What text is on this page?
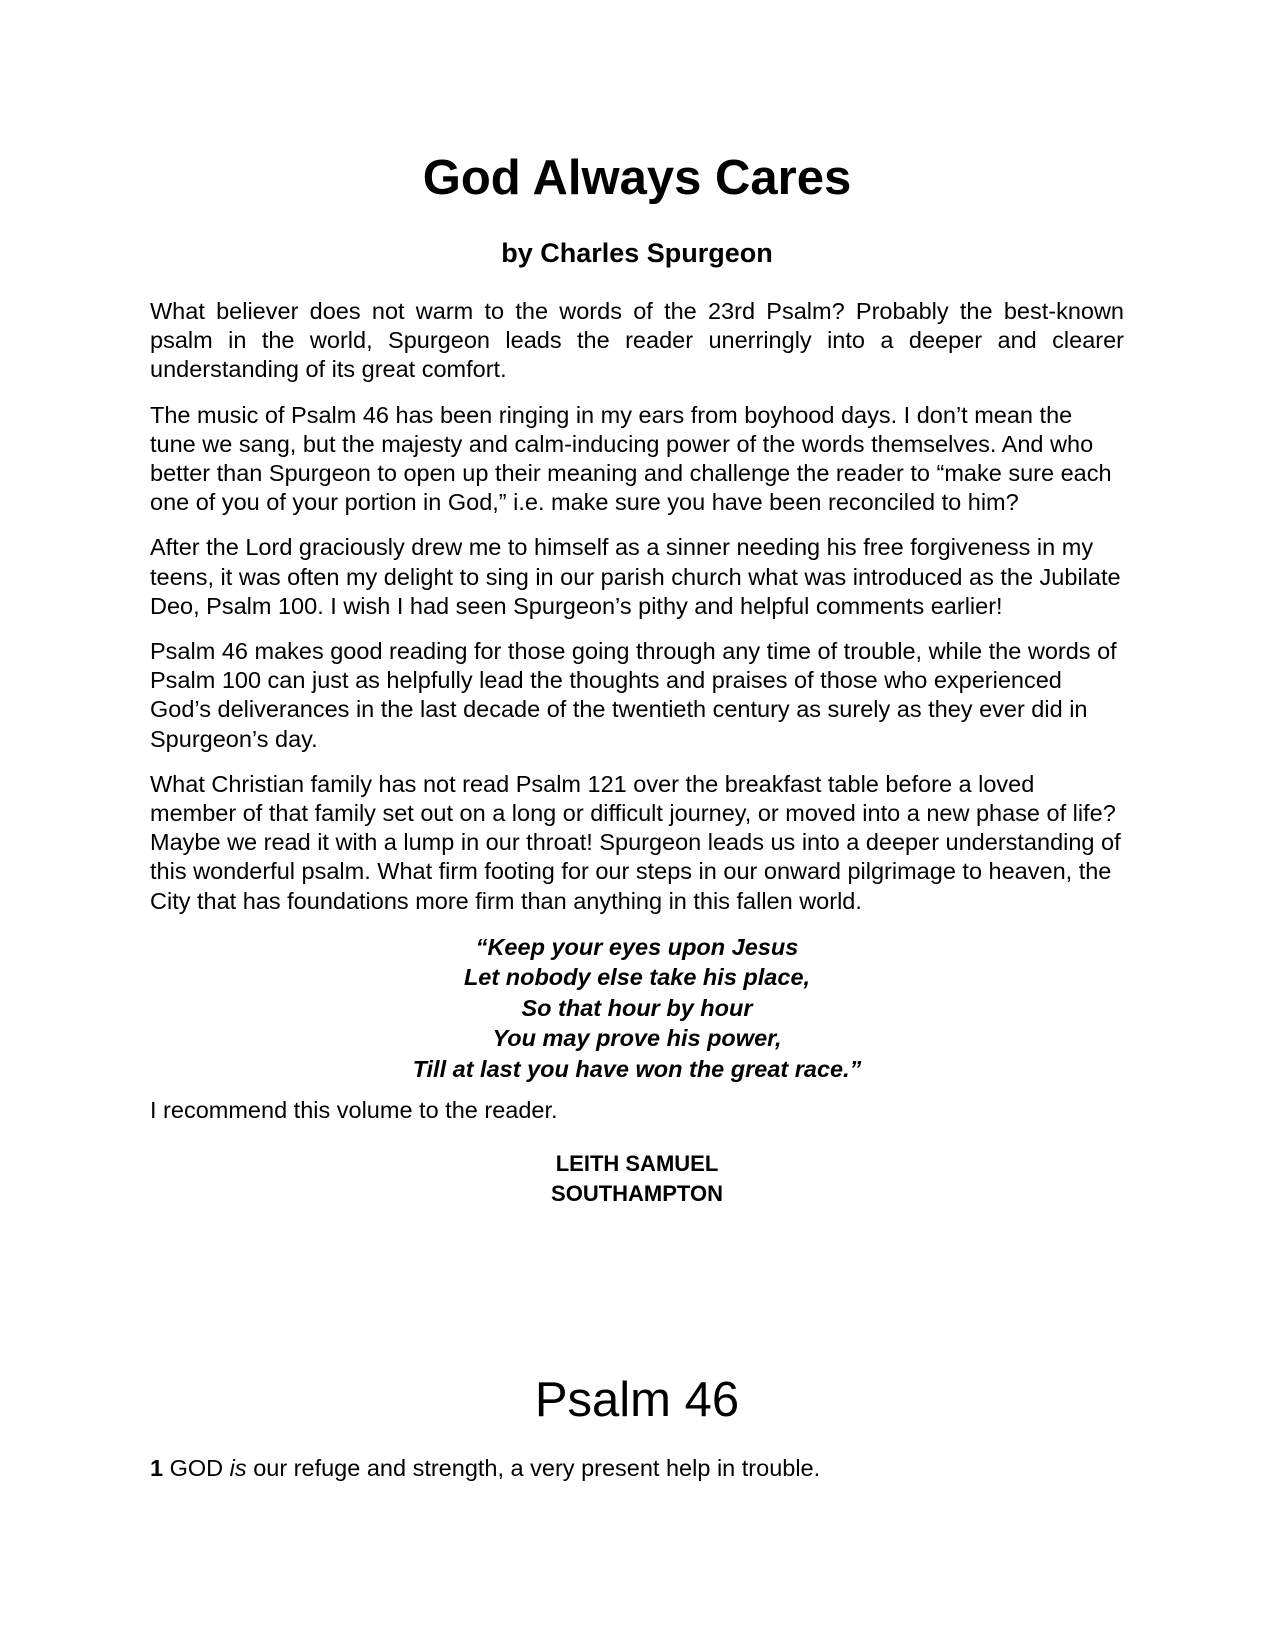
God Always Cares
by Charles Spurgeon

What believer does not warm to the words of the 23rd Psalm? Probably the best-known psalm in the world, Spurgeon leads the reader unerringly into a deeper and clearer understanding of its great comfort.

The music of Psalm 46 has been ringing in my ears from boyhood days. I don’t mean the tune we sang, but the majesty and calm-inducing power of the words themselves. And who better than Spurgeon to open up their meaning and challenge the reader to “make sure each one of you of your portion in God,” i.e. make sure you have been reconciled to him?

After the Lord graciously drew me to himself as a sinner needing his free forgiveness in my teens, it was often my delight to sing in our parish church what was introduced as the Jubilate Deo, Psalm 100. I wish I had seen Spurgeon’s pithy and helpful comments earlier!

Psalm 46 makes good reading for those going through any time of trouble, while the words of Psalm 100 can just as helpfully lead the thoughts and praises of those who experienced God’s deliverances in the last decade of the twentieth century as surely as they ever did in Spurgeon’s day.

What Christian family has not read Psalm 121 over the breakfast table before a loved member of that family set out on a long or difficult journey, or moved into a new phase of life? Maybe we read it with a lump in our throat! Spurgeon leads us into a deeper understanding of this wonderful psalm. What firm footing for our steps in our onward pilgrimage to heaven, the City that has foundations more firm than anything in this fallen world.

“Keep your eyes upon Jesus
Let nobody else take his place,
So that hour by hour
You may prove his power,
Till at last you have won the great race.”

I recommend this volume to the reader.

LEITH SAMUEL
SOUTHAMPTON
Psalm 46

1 GOD is our refuge and strength, a very present help in trouble.
